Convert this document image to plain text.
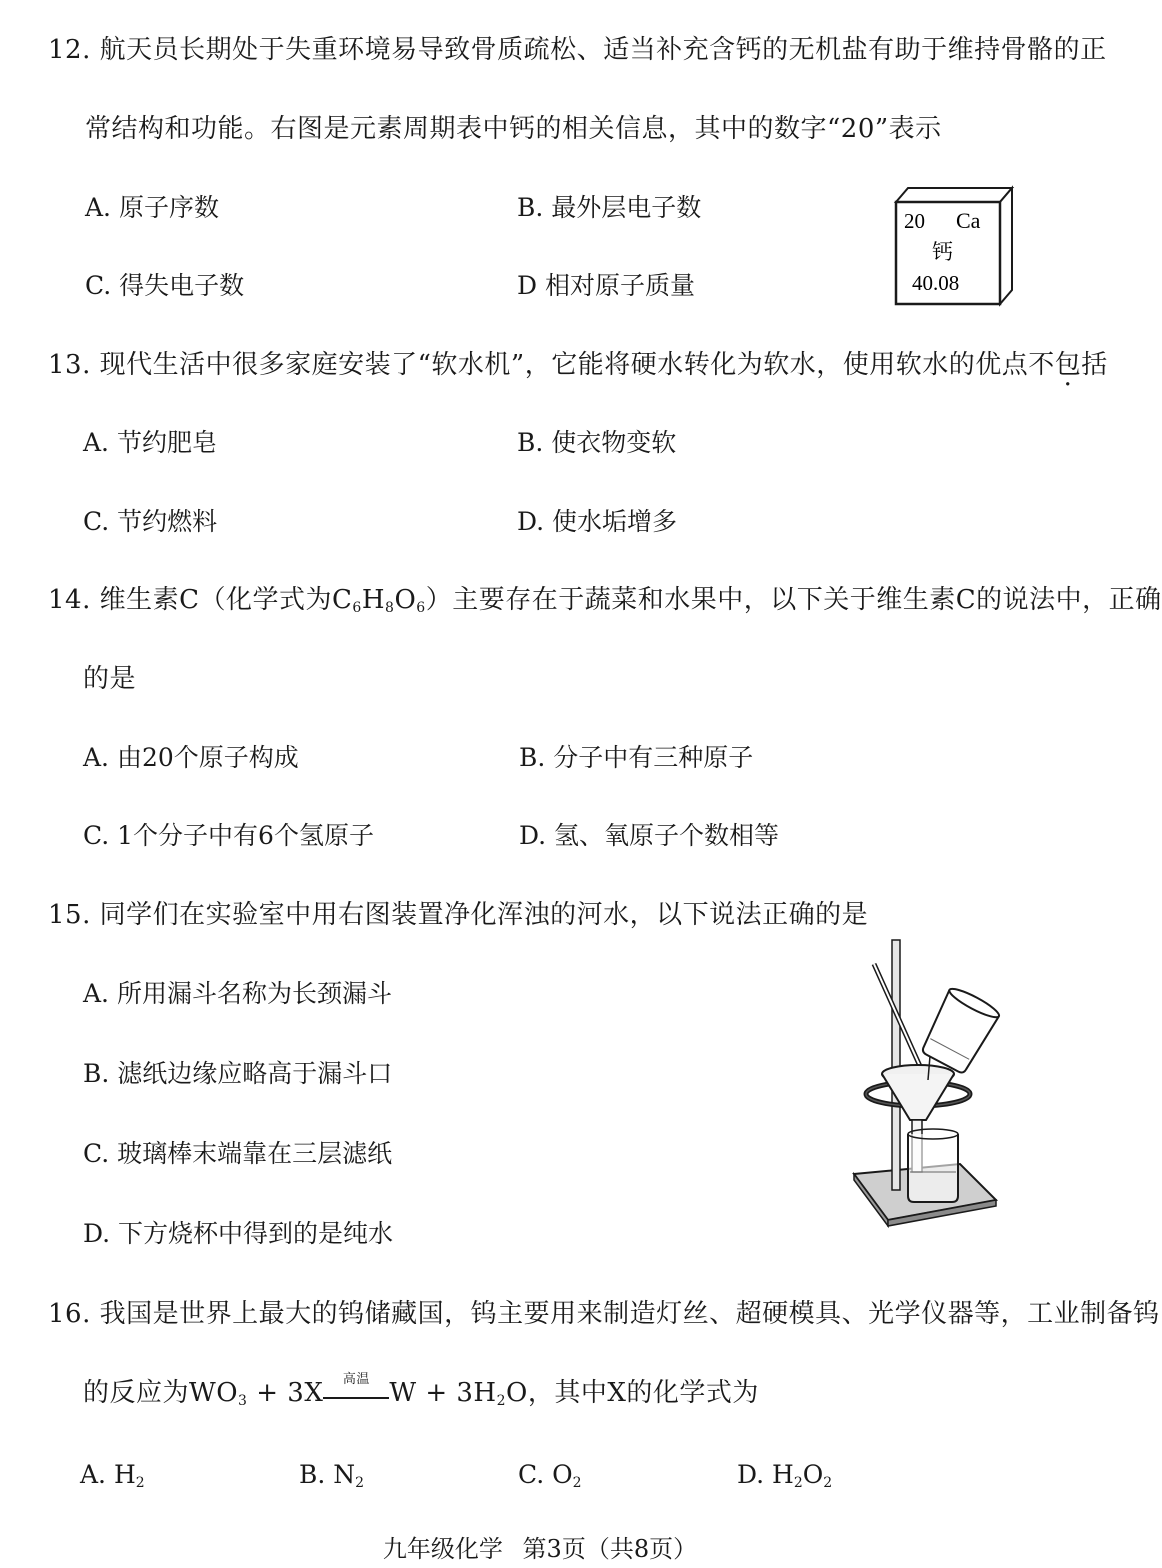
12. 航天员长期处于失重环境易导致骨质疏松、适当补充含钙的无机盐有助于维持骨骼的正
常结构和功能。右图是元素周期表中钙的相关信息，其中的数字“20”表示
A. 原子序数	B. 最外层电子数
C. 得失电子数	D 相对原子质量
20 Ca
钙
40.08
13. 现代生活中很多家庭安装了“软水机”，它能将硬水转化为软水，使用软水的优点不包括
A. 节约肥皂	B. 使衣物变软
C. 节约燃料	D. 使水垢增多
14. 维生素C（化学式为$C_6H_8O_6$）主要存在于蔬菜和水果中，以下关于维生素C的说法中，正确
的是
A. 由20个原子构成	B. 分子中有三种原子
C. 1个分子中有6个氢原子	D. 氢、氧原子个数相等
15. 同学们在实验室中用右图装置净化浑浊的河水，以下说法正确的是
A. 所用漏斗名称为长颈漏斗
B. 滤纸边缘应略高于漏斗口
C. 玻璃棒末端靠在三层滤纸
D. 下方烧杯中得到的是纯水
16. 我国是世界上最大的钨储藏国，钨主要用来制造灯丝、超硬模具、光学仪器等，工业制备钨
的反应为$WO_3 + 3X$	高温 $W + 3H_2O$，其中X的化学式为
A. $H_2$	B. $N_2$	C. $O_2$	D. $H_2O_2$
九年级化学 第3页（共8页）
